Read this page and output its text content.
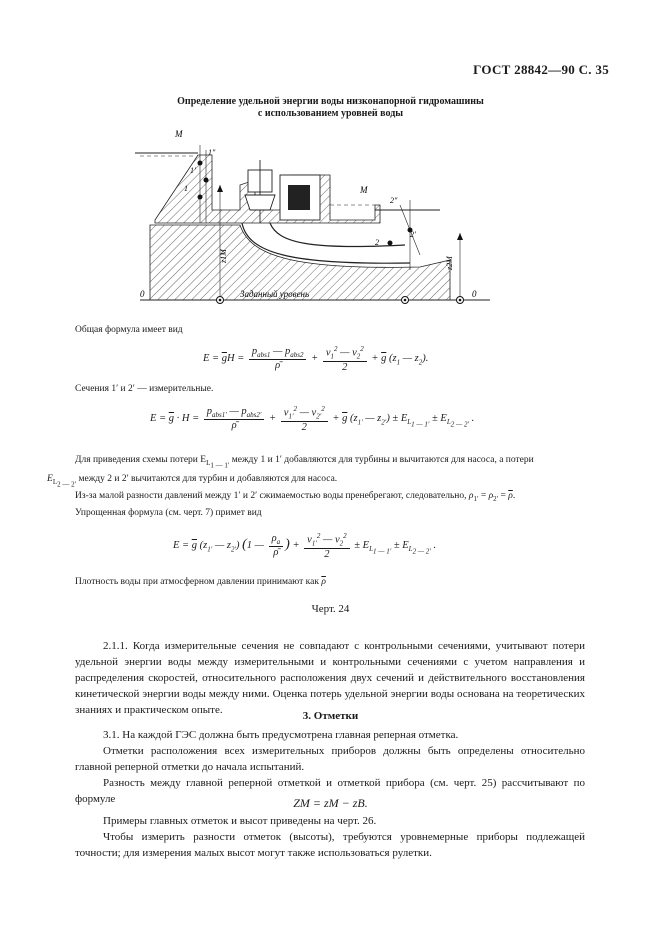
ГОСТ 28842—90 С. 35
Определение удельной энергии воды низконапорной гидромашины
с использованием уровней воды
M
M
1″
1′
1
2″
2′
2
z1M
z2M
0	0
Заданный уровень
Общая формула имеет вид
$E = \overline{g}H = \frac{p_{abs1} — p_{abs2}}{\rhō} + \frac{v_1^2 — v_2^2}{2} + \overline{g}$ ($z_1$ — $z_2$).
Сечения 1′ и 2′ — измерительные.
$E = \overline{g} \cdot H = \frac{p_{abs1'} — p_{abs2'}}{\rhō} + \frac{v_{1'}^2 — v_{2'}^2}{2} + \overline{g}$ ($z_{1'}$ — $z_{2'}) \pm E_{L_{1 — 1'}} \pm E_{L_{2 — 2'}}$ .
Для приведения схемы потери $E_{L_{1 — 1'}}$ между 1 и 1′ добавляются для турбины и вычитаются для насоса, а потери
$E_{L_{2 — 2'}}$ между 2 и 2′ вычитаются для турбин и добавляются для насоса.
Из-за малой разности давлений между 1′ и 2′ сжимаемостью воды пренебрегают, следовательно, $\rho_{1'} = \rho_{2'} = \overline{\rho}$.
Упрощенная формула (см. черт. 7) примет вид
$E = \overline{g}$ ($z_{1'}$ — $z_{2'}$) (1 — $\frac{\rho_a}{\rhō}$ ) + $\frac{v_{1'}^2 — v_2^2}{2} \pm E_{L_{1 — 1'}} \pm E_{L_{2 — 2'}}$ .
Плотность воды при атмосферном давлении принимают как $\overline{\rho}$
Черт. 24
2.1.1. Когда измерительные сечения не совпадают с контрольными сечениями, учитывают потери удельной энергии воды между измерительными и контрольными сечениями с учетом направления и распределения скоростей, относительного расположения двух сечений и действительного восстановления кинетической энергии воды между ними. Оценка потерь удельной энергии воды основана на теоретических знаниях и практическом опыте.	3. Отметки
3.1. На каждой ГЭС должна быть предусмотрена главная реперная отметка.
Отметки расположения всех измерительных приборов должны быть определены относительно главной реперной отметки до начала испытаний.
Разность между главной реперной отметкой и отметкой прибора (см. черт. 25) рассчитывают по формуле	ZM = zM − zB.
Примеры главных отметок и высот приведены на черт. 26.
Чтобы измерить разности отметок (высоты), требуются уровнемерные приборы подлежащей точности; для измерения малых высот могут также использоваться рулетки.
